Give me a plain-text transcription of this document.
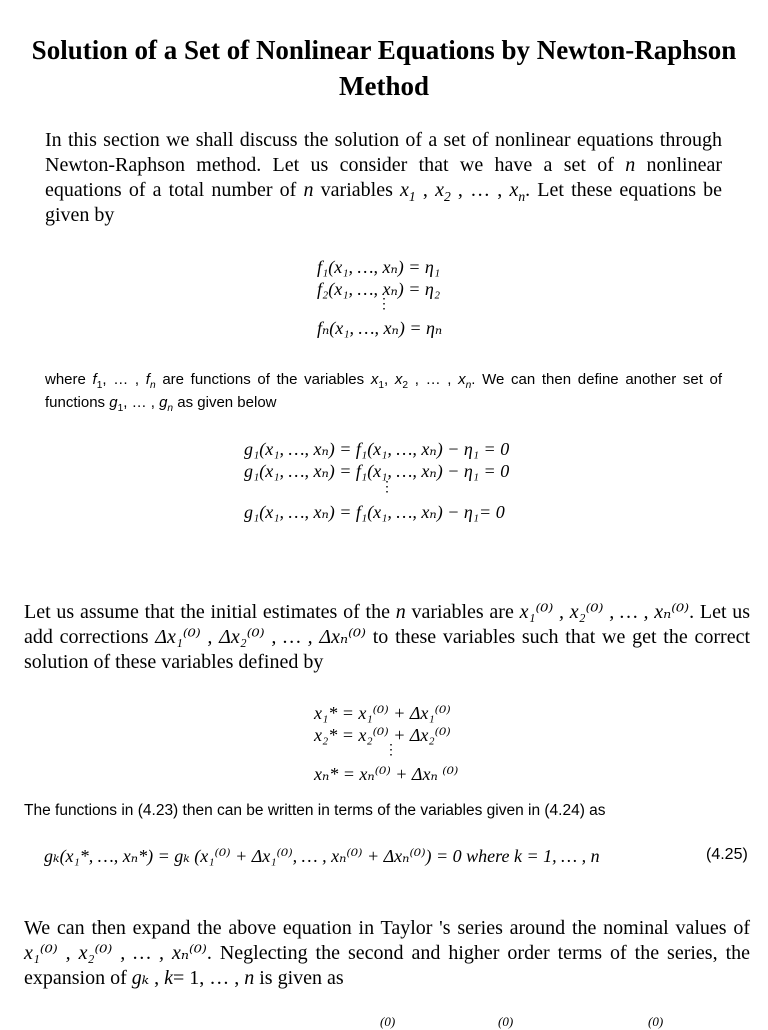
Solution of a Set of Nonlinear Equations by Newton-Raphson Method
In this section we shall discuss the solution of a set of nonlinear equations through Newton-Raphson method. Let us consider that we have a set of n nonlinear equations of a total number of n variables $x_1$ , $x_2$ , … , $x_n$. Let these equations be given by
f₁(x₁, …, xₙ) = η₁
f₂(x₁, …, xₙ) = η₂
⋮
fₙ(x₁, …, xₙ) = ηₙ
where $f_1$, … , $f_n$ are functions of the variables $x_1$, $x_2$ , … , $x_n$. We can then define another set of functions $g_1$, … , $g_n$ as given below
g₁(x₁, …, xₙ) = f₁(x₁, …, xₙ) − η₁ = 0
g₁(x₁, …, xₙ) = f₁(x₁, …, xₙ) − η₁ = 0
⋮
g₁(x₁, …, xₙ) = f₁(x₁, …, xₙ) − η₁= 0
Let us assume that the initial estimates of the n variables are x₁⁽⁰⁾ , x₂⁽⁰⁾ , … , xₙ⁽⁰⁾. Let us add corrections Δx₁⁽⁰⁾ , Δx₂⁽⁰⁾ , … , Δxₙ⁽⁰⁾ to these variables such that we get the correct solution of these variables defined by
x₁* = x₁⁽⁰⁾ + Δx₁⁽⁰⁾
x₂* = x₂⁽⁰⁾ + Δx₂⁽⁰⁾
⋮
xₙ* = xₙ⁽⁰⁾ + Δxₙ ⁽⁰⁾
The functions in (4.23) then can be written in terms of the variables given in (4.24) as
gₖ(x₁*, …, xₙ*) = gₖ (x₁⁽⁰⁾ + Δx₁⁽⁰⁾, … , xₙ⁽⁰⁾ + Δxₙ⁽⁰⁾) = 0 where k = 1, … , n	(4.25)
We can then expand the above equation in Taylor 's series around the nominal values of x₁⁽⁰⁾ , x₂⁽⁰⁾ , … , xₙ⁽⁰⁾. Neglecting the second and higher order terms of the series, the expansion of gₖ , k= 1, … , n is given as
(0)	(0)	(0)
